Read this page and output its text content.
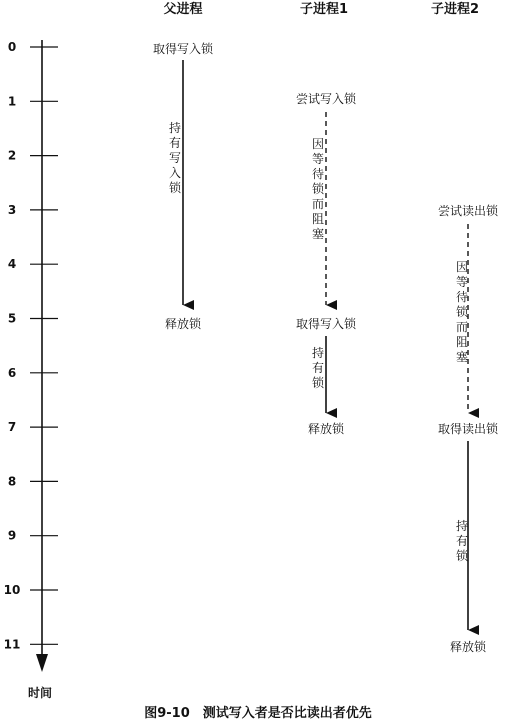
父进程	子进程1	子进程2
0
1
2
3
4
5
6
7
8
9
10
11
时间
取得写入锁
持有写入锁
释放锁
尝试写入锁
因等待锁而阻塞
取得写入锁
持有锁
释放锁
尝试读出锁
因等待锁而阻塞
取得读出锁
持有锁
释放锁
图9-10　测试写入者是否比读出者优先
